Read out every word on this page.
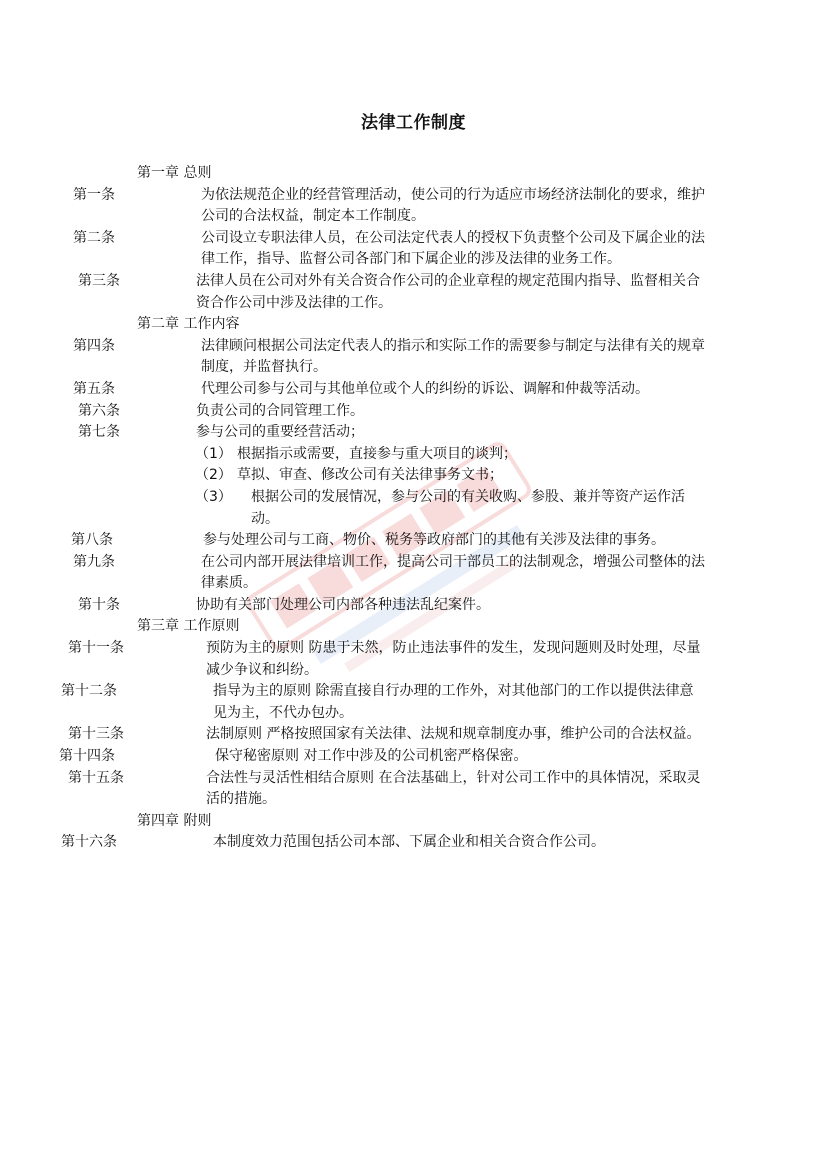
法律工作制度
第一章 总则
第一条	为依法规范企业的经营管理活动，使公司的行为适应市场经济法制化的要求，维护公司的合法权益，制定本工作制度。
第二条	公司设立专职法律人员，在公司法定代表人的授权下负责整个公司及下属企业的法律工作，指导、监督公司各部门和下属企业的涉及法律的业务工作。
第三条	法律人员在公司对外有关合资合作公司的企业章程的规定范围内指导、监督相关合资合作公司中涉及法律的工作。
第二章 工作内容
第四条	法律顾问根据公司法定代表人的指示和实际工作的需要参与制定与法律有关的规章制度，并监督执行。
第五条	代理公司参与公司与其他单位或个人的纠纷的诉讼、调解和仲裁等活动。
第六条	负责公司的合同管理工作。
第七条	参与公司的重要经营活动；
（1） 根据指示或需要，直接参与重大项目的谈判；
（2） 草拟、审查、修改公司有关法律事务文书；
（3） 根据公司的发展情况，参与公司的有关收购、参股、兼并等资产运作活动。
第八条	参与处理公司与工商、物价、税务等政府部门的其他有关涉及法律的事务。
第九条	在公司内部开展法律培训工作，提高公司干部员工的法制观念，增强公司整体的法律素质。
第十条	协助有关部门处理公司内部各种违法乱纪案件。
第三章 工作原则
第十一条	预防为主的原则 防患于未然，防止违法事件的发生，发现问题则及时处理，尽量减少争议和纠纷。
第十二条	指导为主的原则 除需直接自行办理的工作外，对其他部门的工作以提供法律意见为主，不代办包办。
第十三条	法制原则 严格按照国家有关法律、法规和规章制度办事，维护公司的合法权益。
第十四条	保守秘密原则 对工作中涉及的公司机密严格保密。
第十五条	合法性与灵活性相结合原则 在合法基础上，针对公司工作中的具体情况，采取灵活的措施。
第四章 附则
第十六条	本制度效力范围包括公司本部、下属企业和相关合资合作公司。
